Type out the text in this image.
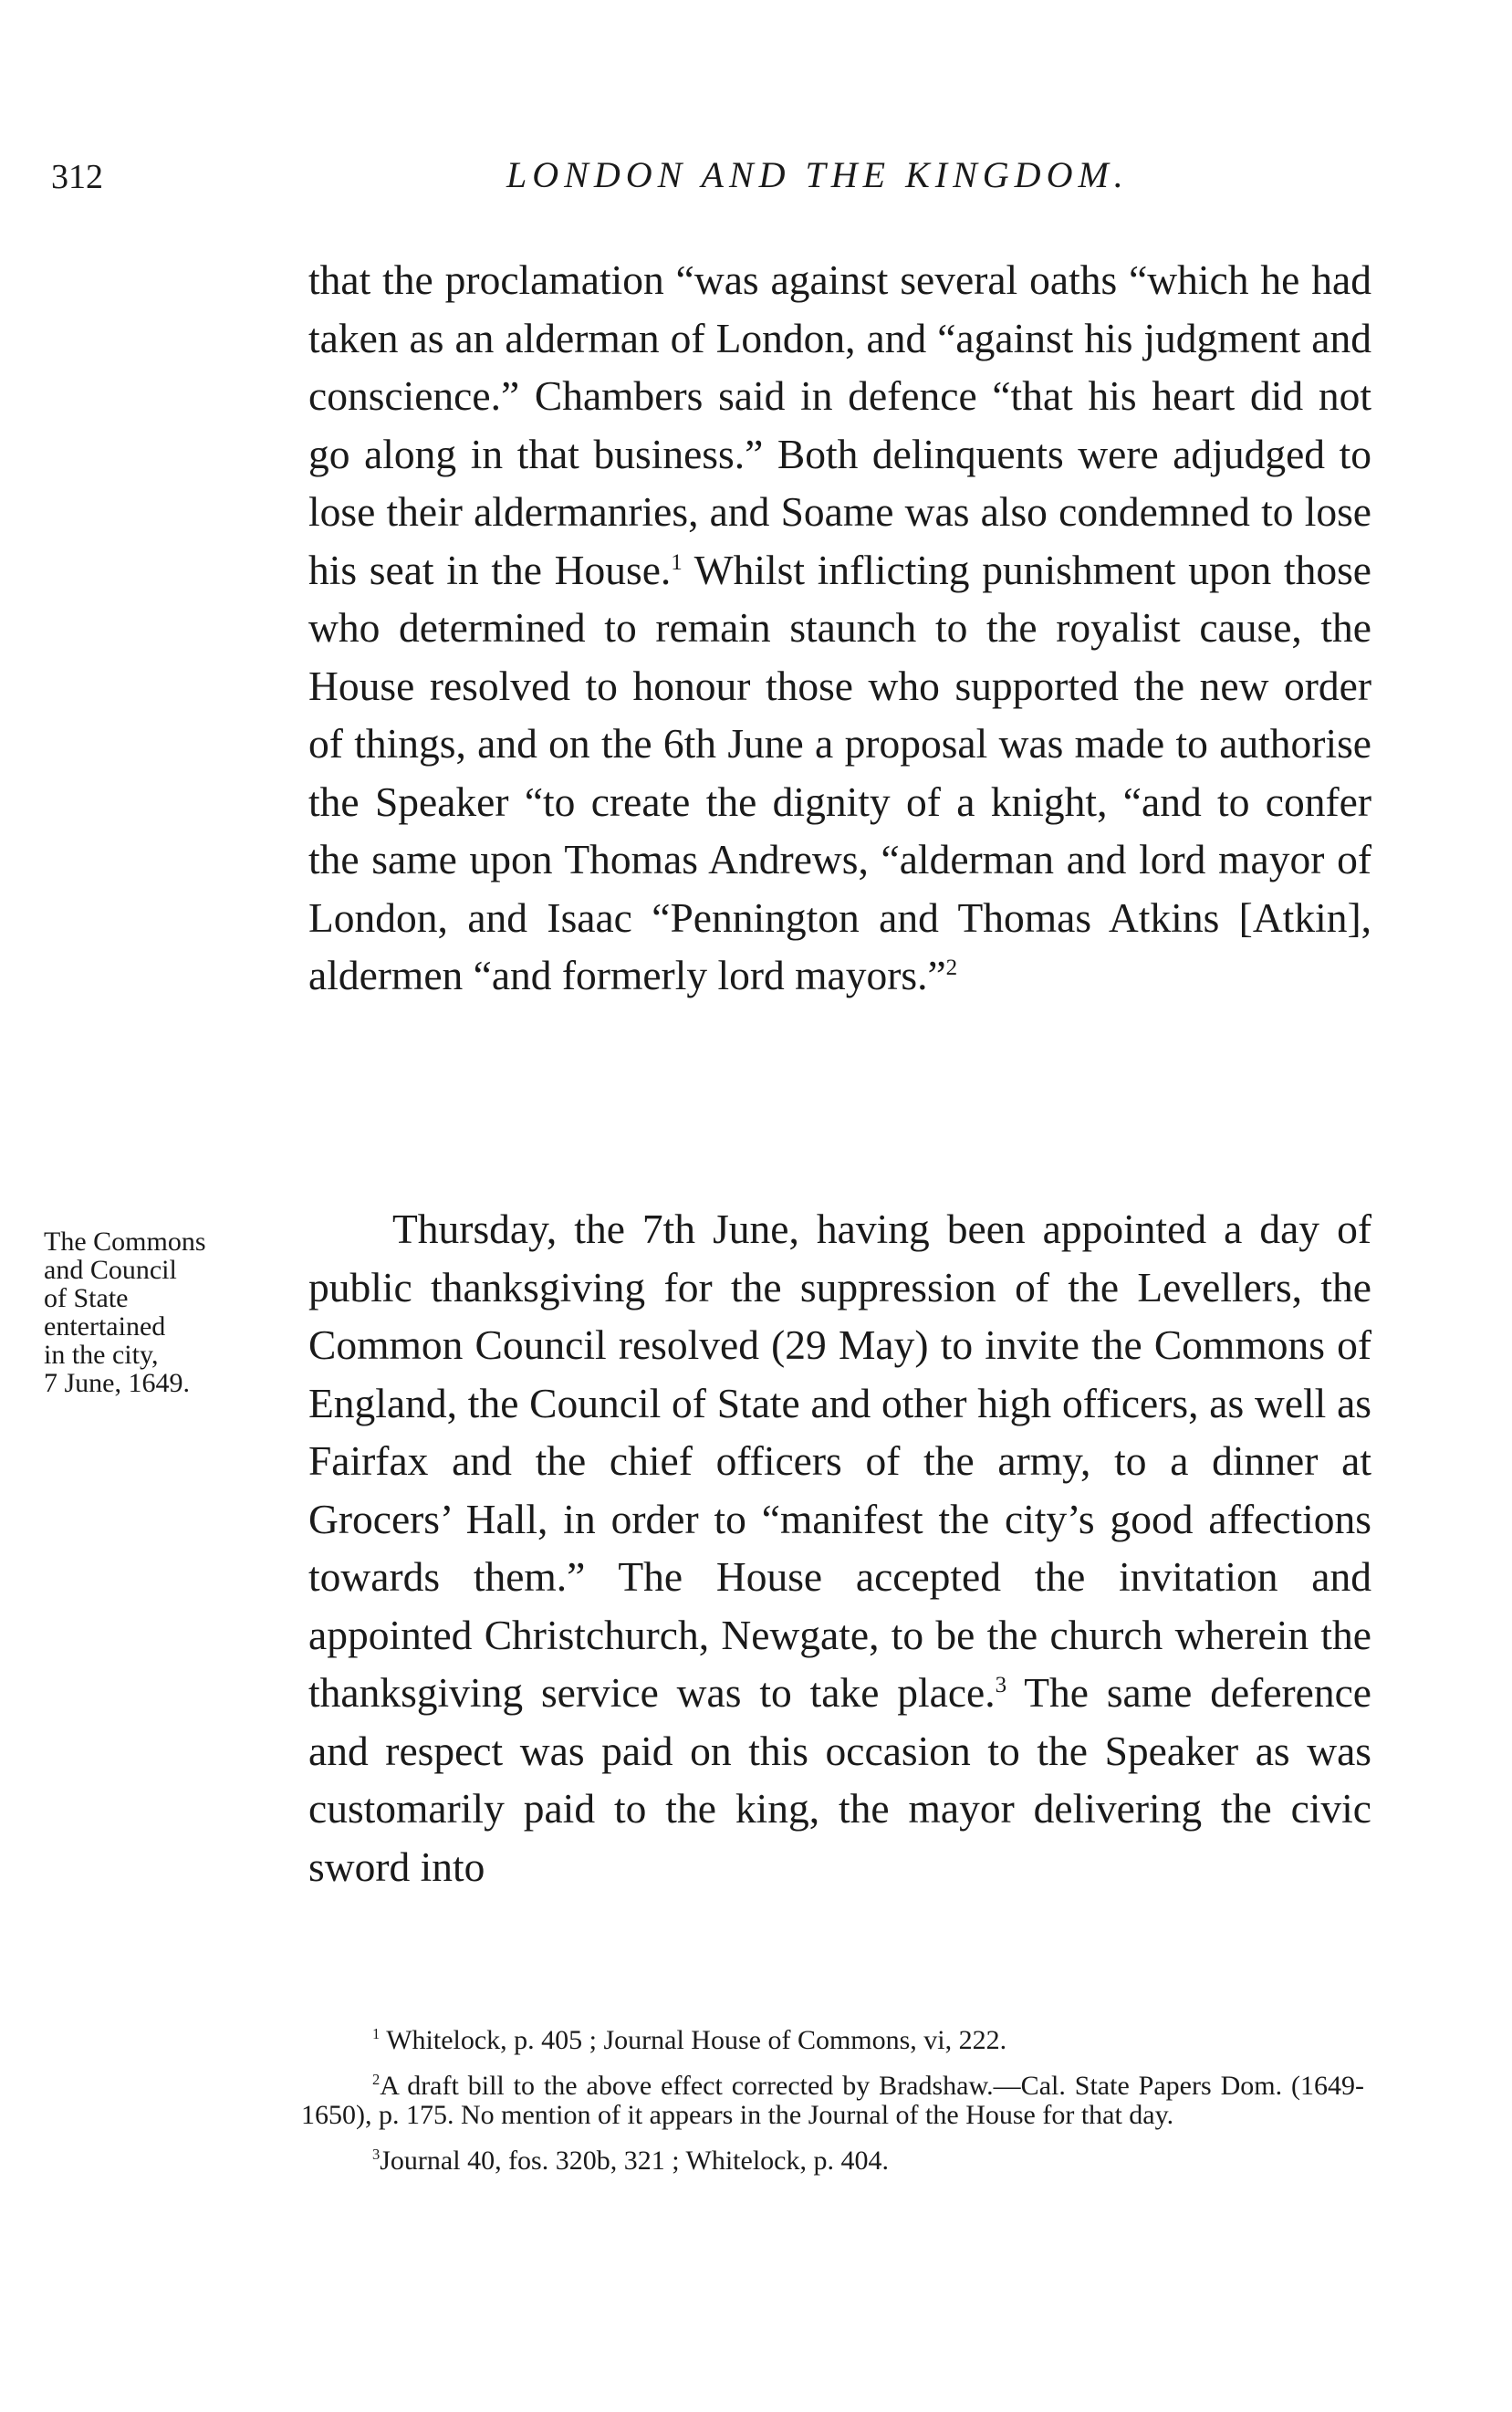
312	LONDON AND THE KINGDOM.
that the proclamation “was against several oaths “which he had taken as an alderman of London, and “against his judgment and conscience.” Chambers said in defence “that his heart did not go along in that business.” Both delinquents were adjudged to lose their aldermanries, and Soame was also condemned to lose his seat in the House.$^1$ Whilst inflicting punishment upon those who determined to remain staunch to the royalist cause, the House resolved to honour those who supported the new order of things, and on the 6th June a proposal was made to authorise the Speaker “to create the dignity of a knight, “and to confer the same upon Thomas Andrews, “alderman and lord mayor of London, and Isaac “Pennington and Thomas Atkins [Atkin], aldermen “and formerly lord mayors.”$^2$
The Commons
and Council
of State
entertained
in the city,
7 June, 1649.
Thursday, the 7th June, having been appointed a day of public thanksgiving for the suppression of the Levellers, the Common Council resolved (29 May) to invite the Commons of England, the Council of State and other high officers, as well as Fairfax and the chief officers of the army, to a dinner at Grocers’ Hall, in order to “manifest the city’s good affections towards them.” The House accepted the invitation and appointed Christchurch, Newgate, to be the church wherein the thanksgiving service was to take place.$^3$ The same deference and respect was paid on this occasion to the Speaker as was customarily paid to the king, the mayor delivering the civic sword into

$^1$ Whitelock, p. 405 ; Journal House of Commons, vi, 222.

$^2$A draft bill to the above effect corrected by Bradshaw.—Cal. State Papers Dom. (1649-1650), p. 175. No mention of it appears in the Journal of the House for that day.

$^3$Journal 40, fos. 320b, 321 ; Whitelock, p. 404.
